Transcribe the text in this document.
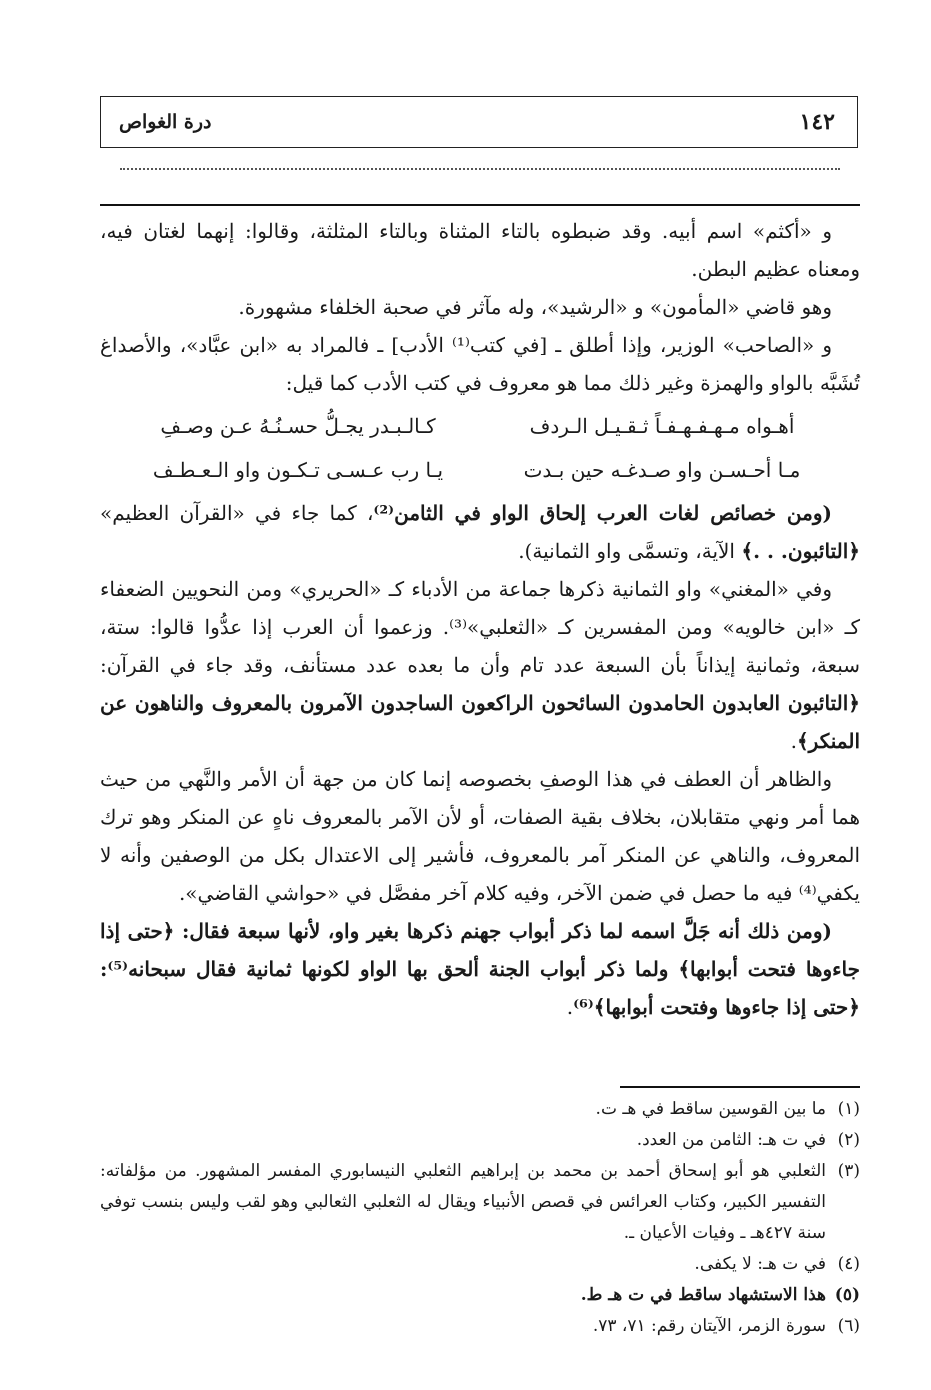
١٤٢
درة الغواص

و «أكثم» اسم أبيه. وقد ضبطوه بالتاء المثناة وبالتاء المثلثة، وقالوا: إنهما لغتان فيه، ومعناه عظيم البطن.

وهو قاضي «المأمون» و «الرشيد»، وله مآثر في صحبة الخلفاء مشهورة.

و «الصاحب» الوزير، وإذا أطلق ـ [في كتب⁽¹⁾ الأدب] ـ فالمراد به «ابن عبَّاد»، والأصداغ تُشَبَّه بالواو والهمزة وغير ذلك مما هو معروف في كتب الأدب كما قيل:

أهـواه مـهـفـهـفـاً ثـقـيـل الـردف
كـالـبـدر يجـلُّ حسـنُـهُ عـن وصـفِ
مـا أحـسـن واو صـدغـه حين بـدت
يـا رب عـسـى تـكـون واو الـعـطـف

(ومن خصائص لغات العرب إلحاق الواو في الثامن⁽²⁾، كما جاء في «القرآن العظيم» ﴿التائبون. . .﴾ الآية، وتسمَّى واو الثمانية).

وفي «المغني» واو الثمانية ذكرها جماعة من الأدباء كـ «الحريري» ومن النحويين الضعفاء كـ «ابن خالويه» ومن المفسرين كـ «الثعلبي»⁽³⁾. وزعموا أن العرب إذا عدُّوا قالوا: ستة، سبعة، وثمانية إيذاناً بأن السبعة عدد تام وأن ما بعده عدد مستأنف، وقد جاء في القرآن: ﴿التائبون العابدون الحامدون السائحون الراكعون الساجدون الآمرون بالمعروف والناهون عن المنكر﴾.

والظاهر أن العطف في هذا الوصفِ بخصوصه إنما كان من جهة أن الأمر والنَّهي من حيث هما أمر ونهي متقابلان، بخلاف بقية الصفات، أو لأن الآمر بالمعروف ناهٍ عن المنكر وهو ترك المعروف، والناهي عن المنكر آمر بالمعروف، فأشير إلى الاعتدال بكل من الوصفين وأنه لا يكفي⁽⁴⁾ فيه ما حصل في ضمن الآخر، وفيه كلام آخر مفصَّل في «حواشي القاضي».

(ومن ذلك أنه جَلَّ اسمه لما ذكر أبواب جهنم ذكرها بغير واو، لأنها سبعة فقال: ﴿حتى إذا جاءوها فتحت أبوابها﴾ ولما ذكر أبواب الجنة ألحق بها الواو لكونها ثمانية فقال سبحانه⁽⁵⁾: ﴿حتى إذا جاءوها وفتحت أبوابها﴾⁽⁶⁾.

(١)
ما بين القوسين ساقط في هـ ت.
(٢)
في ت هـ: الثامن من العدد.
(٣)
الثعلبي هو أبو إسحاق أحمد بن محمد بن إبراهيم الثعلبي النيسابوري المفسر المشهور. من مؤلفاته: التفسير الكبير، وكتاب العرائس في قصص الأنبياء ويقال له الثعلبي الثعالبي وهو لقب وليس بنسب توفي سنة ٤٢٧هـ ـ وفيات الأعيان ـ.
(٤)
في ت هـ: لا يكفى.
(٥)
هذا الاستشهاد ساقط في ت هـ ط.
(٦)
سورة الزمر، الآيتان رقم: ٧١، ٧٣.
